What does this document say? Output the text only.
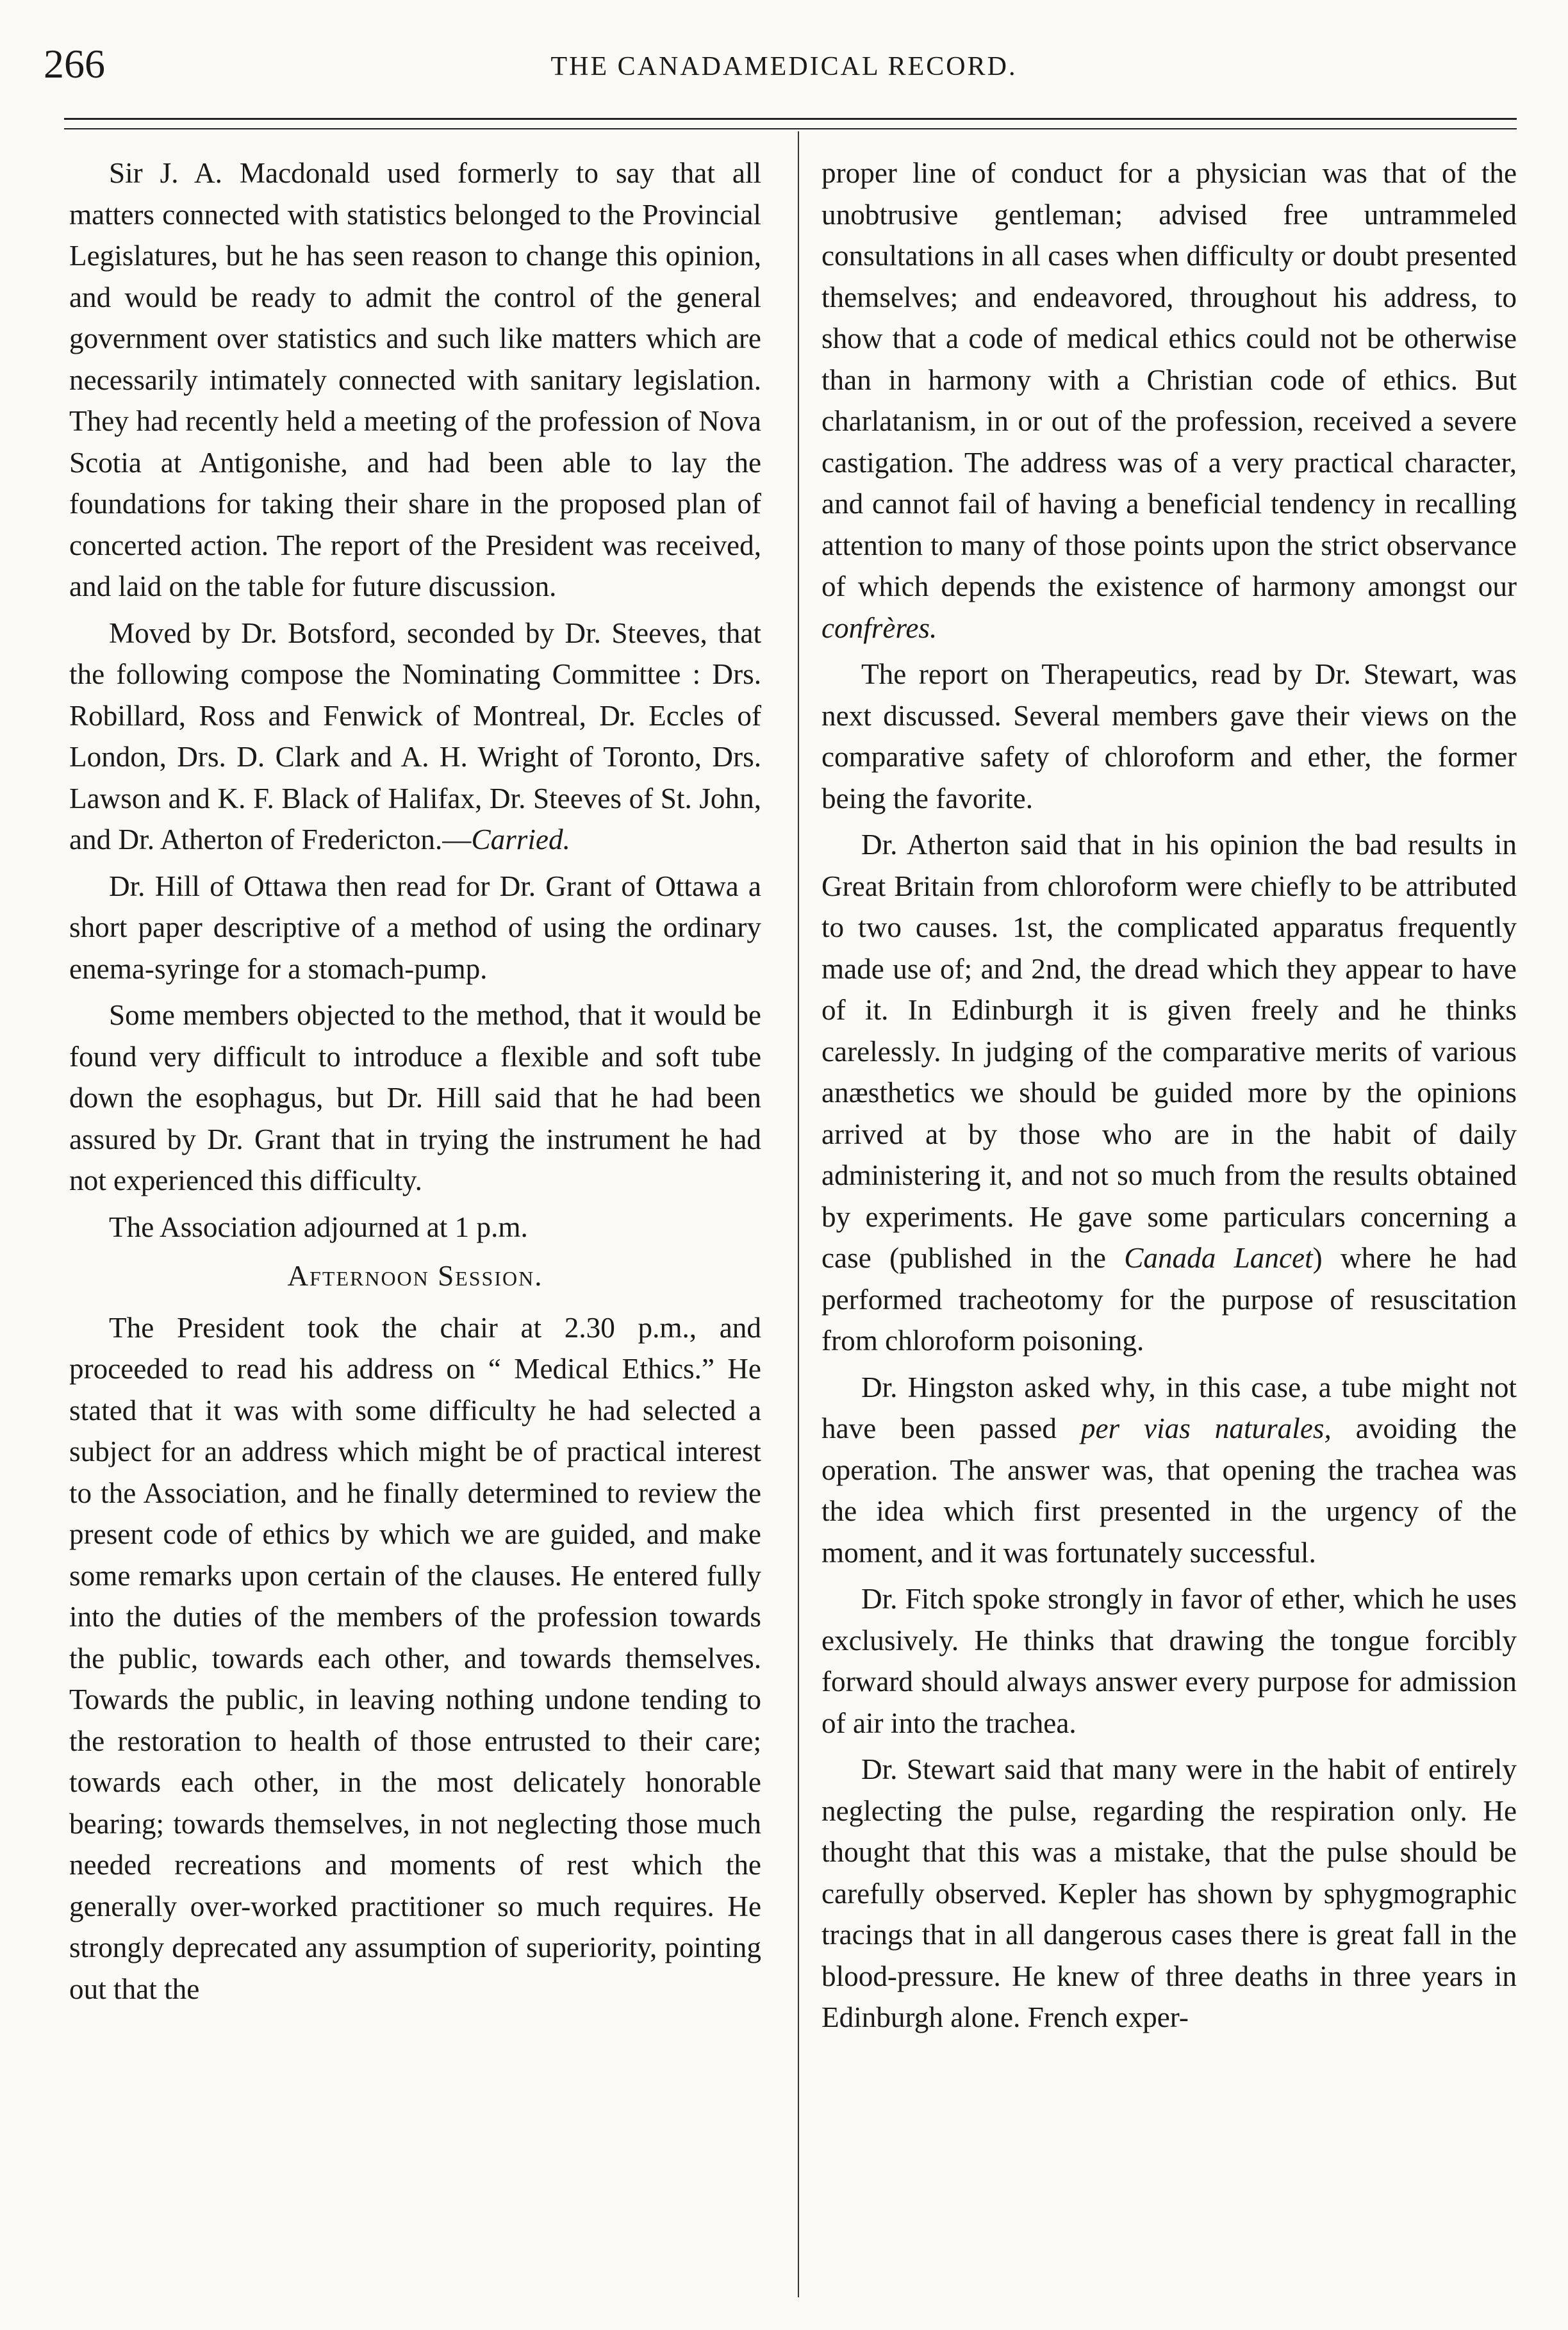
266	THE CANADAMEDICAL RECORD.

Sir J. A. Macdonald used formerly to say that all matters connected with statistics belonged to the Provincial Legislatures, but he has seen reason to change this opinion, and would be ready to admit the control of the general government over statistics and such like matters which are necessarily intimately connected with sanitary legislation. They had recently held a meeting of the profession of Nova Scotia at Antigonishe, and had been able to lay the foundations for taking their share in the proposed plan of concerted action. The report of the President was received, and laid on the table for future discussion.

Moved by Dr. Botsford, seconded by Dr. Steeves, that the following compose the Nominating Committee : Drs. Robillard, Ross and Fenwick of Montreal, Dr. Eccles of London, Drs. D. Clark and A. H. Wright of Toronto, Drs. Lawson and K. F. Black of Halifax, Dr. Steeves of St. John, and Dr. Atherton of Fredericton.—Carried.

Dr. Hill of Ottawa then read for Dr. Grant of Ottawa a short paper descriptive of a method of using the ordinary enema-syringe for a stomach-pump.

Some members objected to the method, that it would be found very difficult to introduce a flexible and soft tube down the esophagus, but Dr. Hill said that he had been assured by Dr. Grant that in trying the instrument he had not experienced this difficulty.

The Association adjourned at 1 p.m.

Afternoon Session.

The President took the chair at 2.30 p.m., and proceeded to read his address on “ Medical Ethics.” He stated that it was with some difficulty he had selected a subject for an address which might be of practical interest to the Association, and he finally determined to review the present code of ethics by which we are guided, and make some remarks upon certain of the clauses. He entered fully into the duties of the members of the profession towards the public, towards each other, and towards themselves. Towards the public, in leaving nothing undone tending to the restoration to health of those entrusted to their care; towards each other, in the most delicately honorable bearing; towards themselves, in not neglecting those much needed recreations and moments of rest which the generally over-worked practitioner so much requires. He strongly deprecated any assumption of superiority, pointing out that the

proper line of conduct for a physician was that of the unobtrusive gentleman; advised free untrammeled consultations in all cases when difficulty or doubt presented themselves; and endeavored, throughout his address, to show that a code of medical ethics could not be otherwise than in harmony with a Christian code of ethics. But charlatanism, in or out of the profession, received a severe castigation. The address was of a very practical character, and cannot fail of having a beneficial tendency in recalling attention to many of those points upon the strict observance of which depends the existence of harmony amongst our confrères.

The report on Therapeutics, read by Dr. Stewart, was next discussed. Several members gave their views on the comparative safety of chloroform and ether, the former being the favorite.

Dr. Atherton said that in his opinion the bad results in Great Britain from chloroform were chiefly to be attributed to two causes. 1st, the complicated apparatus frequently made use of; and 2nd, the dread which they appear to have of it. In Edinburgh it is given freely and he thinks carelessly. In judging of the comparative merits of various anæsthetics we should be guided more by the opinions arrived at by those who are in the habit of daily administering it, and not so much from the results obtained by experiments. He gave some particulars concerning a case (published in the Canada Lancet) where he had performed tracheotomy for the purpose of resuscitation from chloroform poisoning.

Dr. Hingston asked why, in this case, a tube might not have been passed per vias naturales, avoiding the operation. The answer was, that opening the trachea was the idea which first presented in the urgency of the moment, and it was fortunately successful.

Dr. Fitch spoke strongly in favor of ether, which he uses exclusively. He thinks that drawing the tongue forcibly forward should always answer every purpose for admission of air into the trachea.

Dr. Stewart said that many were in the habit of entirely neglecting the pulse, regarding the respiration only. He thought that this was a mistake, that the pulse should be carefully observed. Kepler has shown by sphygmographic tracings that in all dangerous cases there is great fall in the blood-pressure. He knew of three deaths in three years in Edinburgh alone. French exper-
